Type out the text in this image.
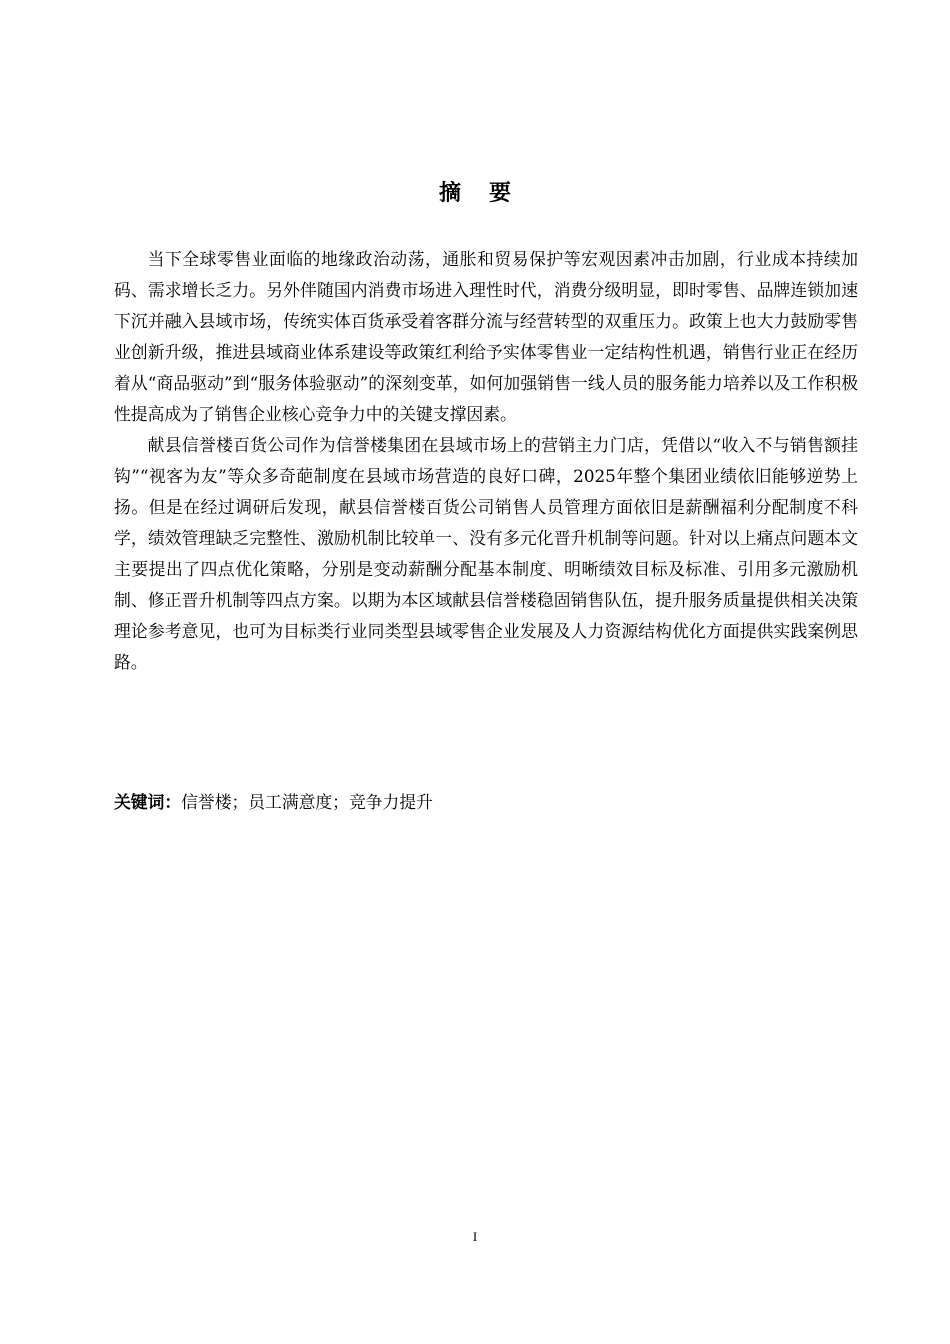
摘要

当下全球零售业面临的地缘政治动荡，通胀和贸易保护等宏观因素冲击加剧，行业成本持续加码、需求增长乏力。另外伴随国内消费市场进入理性时代，消费分级明显，即时零售、品牌连锁加速下沉并融入县域市场，传统实体百货承受着客群分流与经营转型的双重压力。政策上也大力鼓励零售业创新升级，推进县域商业体系建设等政策红利给予实体零售业一定结构性机遇，销售行业正在经历着从“商品驱动”到“服务体验驱动”的深刻变革，如何加强销售一线人员的服务能力培养以及工作积极性提高成为了销售企业核心竞争力中的关键支撑因素。

献县信誉楼百货公司作为信誉楼集团在县域市场上的营销主力门店，凭借以“收入不与销售额挂钩”“视客为友”等众多奇葩制度在县域市场营造的良好口碑，2025年整个集团业绩依旧能够逆势上扬。但是在经过调研后发现，献县信誉楼百货公司销售人员管理方面依旧是薪酬福利分配制度不科学，绩效管理缺乏完整性、激励机制比较单一、没有多元化晋升机制等问题。针对以上痛点问题本文主要提出了四点优化策略，分别是变动薪酬分配基本制度、明晰绩效目标及标准、引用多元激励机制、修正晋升机制等四点方案。以期为本区域献县信誉楼稳固销售队伍，提升服务质量提供相关决策理论参考意见，也可为目标类行业同类型县域零售企业发展及人力资源结构优化方面提供实践案例思路。

关键词：信誉楼；员工满意度；竞争力提升
I
